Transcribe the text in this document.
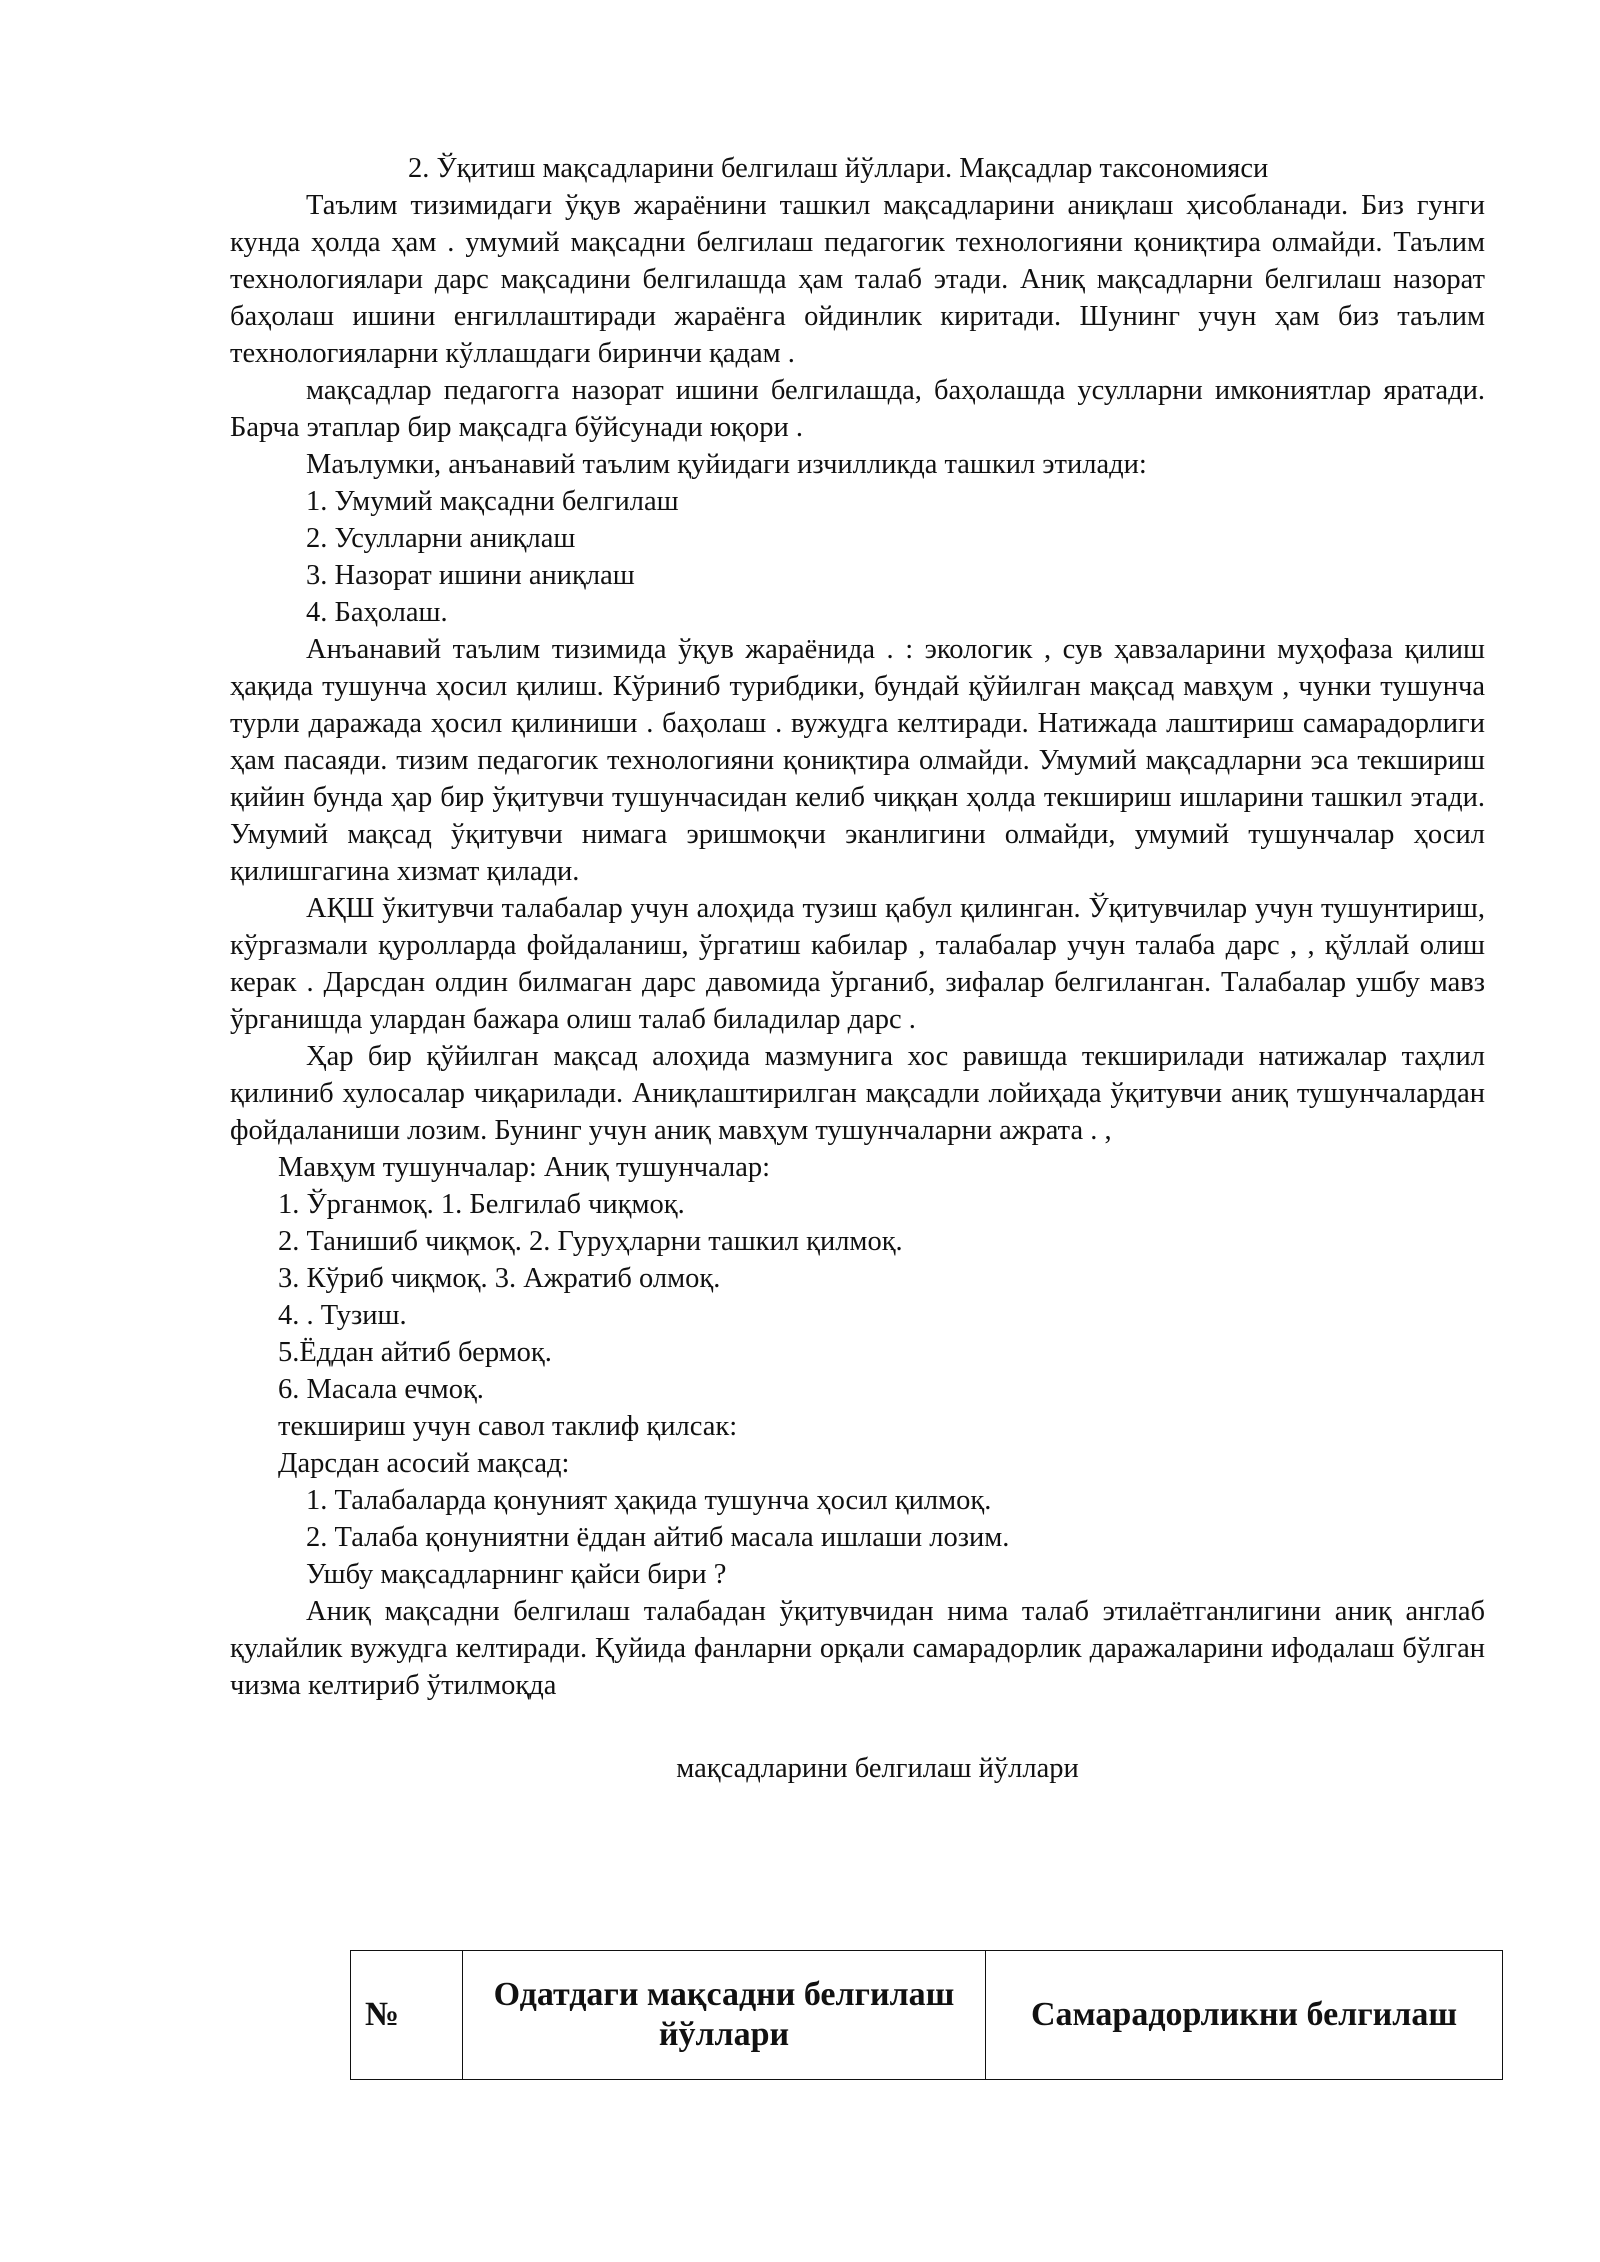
2. Ўқитиш мақсадларини белгилаш йўллари. Мақсадлар таксономияси

Таълим тизимидаги ўқув жараёнини ташкил мақсадларини аниқлаш ҳисобланади. Биз гунги кунда ҳолда ҳам . умумий мақсадни белгилаш педагогик технологияни қониқтира олмайди. Таълим технологиялари дарс мақсадини белгилашда ҳам талаб этади. Аниқ мақсадларни белгилаш назорат баҳолаш ишини енгиллаштиради жараёнга ойдинлик киритади. Шунинг учун ҳам биз таълим технологияларни кўллашдаги биринчи қадам .

мақсадлар педагогга назорат ишини белгилашда, баҳолашда усулларни имкониятлар яратади. Барча этаплар бир мақсадга бўйсунади юқори .

Маълумки, анъанавий таълим қуйидаги изчилликда ташкил этилади:

1. Умумий мақсадни белгилаш

2. Усулларни аниқлаш

3. Назорат ишини аниқлаш

4. Баҳолаш.

Анъанавий таълим тизимида ўқув жараёнида . : экологик , сув ҳавзаларини муҳофаза қилиш ҳақида тушунча ҳосил қилиш. Кўриниб турибдики, бундай қўйилган мақсад мавҳум , чунки тушунча турли даражада ҳосил қилиниши . баҳолаш . вужудга келтиради. Натижада лаштириш самарадорлиги ҳам пасаяди. тизим педагогик технологияни қониқтира олмайди. Умумий мақсадларни эса текшириш қийин бунда ҳар бир ўқитувчи тушунчасидан келиб чиққан ҳолда текшириш ишларини ташкил этади. Умумий мақсад ўқитувчи нимага эришмоқчи эканлигини олмайди, умумий тушунчалар ҳосил қилишгагина хизмат қилади.

АҚШ ўкитувчи талабалар учун алоҳида тузиш қабул қилинган. Ўқитувчилар учун тушунтириш, кўргазмали қуролларда фойдаланиш, ўргатиш кабилар , талабалар учун талаба дарс , , қўллай олиш керак . Дарсдан олдин билмаган дарс давомида ўрганиб, зифалар белгиланган. Талабалар ушбу мавз ўрганишда улардан бажара олиш талаб биладилар дарс .

Ҳар бир қўйилган мақсад алоҳида мазмунига хос равишда текширилади натижалар таҳлил қилиниб хулосалар чиқарилади. Аниқлаштирилган мақсадли лойиҳада ўқитувчи аниқ тушунчалардан фойдаланиши лозим. Бунинг учун аниқ мавҳум тушунчаларни ажрата . ,

Мавҳум тушунчалар: Аниқ тушунчалар:

1. Ўрганмоқ. 1. Белгилаб чиқмоқ.

2. Танишиб чиқмоқ. 2. Гуруҳларни ташкил қилмоқ.

3. Кўриб чиқмоқ. 3. Ажратиб олмоқ.

4. . Тузиш.

5.Ёддан айтиб бермоқ.

6. Масала ечмоқ.

текшириш учун савол таклиф қилсак:

Дарсдан асосий мақсад:

1. Талабаларда қонуният ҳақида тушунча ҳосил қилмоқ.

2. Талаба қонуниятни ёддан айтиб масала ишлаши лозим.

Ушбу мақсадларнинг қайси бири ?

Аниқ мақсадни белгилаш талабадан ўқитувчидан нима талаб этилаётганлигини аниқ англаб қулайлик вужудга келтиради. Қуйида фанларни орқали самарадорлик даражаларини ифодалаш бўлган чизма келтириб ўтилмоқда

мақсадларини белгилаш йўллари
№	Одатдаги мақсадни белгилаш йўллари	Самарадорликни белгилаш
